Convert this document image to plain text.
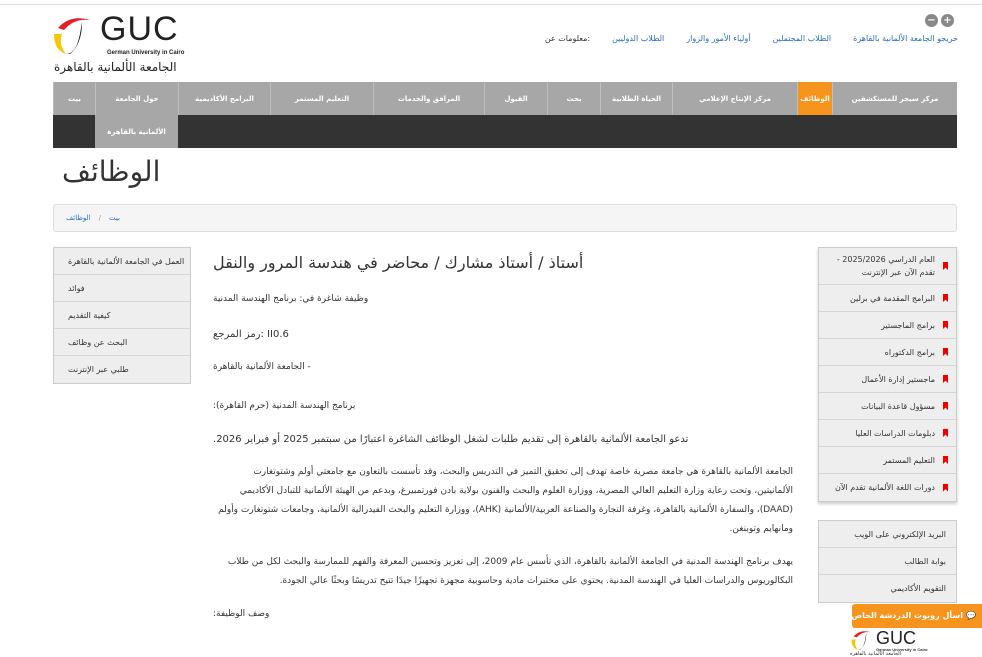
GUC
German University in Cairo
الجامعة الألمانية بالقاهرة
− +
خريجو الجامعة الألمانية بالقاهرة
الطلاب المحتملين
أولياء الأمور والزوار
الطلاب الدوليين
:معلومات عن
بيت	حول الجامعة	البرامج الأكاديمية	التعليم المستمر	المرافق والخدمات	القبول	بحث	الحياة الطلابية	مركز الإنتاج الإعلامي	الوظائف	مركز سيجر للمستكشفين
الألمانية بالقاهرة
الوظائف
الوظائف / بيت
العمل في الجامعة الألمانية بالقاهرة
فوائد
كيفية التقديم
البحث عن وظائف
طلبي عبر الإنترنت
أستاذ / أستاذ مشارك / محاضر في هندسة المرور والنقل

وظيفة شاغرة في: برنامج الهندسة المدنية

II0.6 :رمز المرجع

- الجامعة الألمانية بالقاهرة

برنامج الهندسة المدنية (حرم القاهرة):

تدعو الجامعة الألمانية بالقاهرة إلى تقديم طلبات لشغل الوظائف الشاغرة اعتبارًا من سبتمبر 2025 أو فبراير 2026.

الجامعة الألمانية بالقاهرة هي جامعة مصرية خاصة تهدف إلى تحقيق التميز في التدريس والبحث، وقد تأسست بالتعاون مع جامعتي أولم وشتوتغارت الألمانيتين، وتحت رعاية وزارة التعليم العالي المصرية، ووزارة العلوم والبحث والفنون بولاية بادن فورتمبيرغ، وبدعم من الهيئة الألمانية للتبادل الأكاديمي (DAAD)، والسفارة الألمانية بالقاهرة، وغرفة التجارة والصناعة العربية/الألمانية (AHK)، ووزارة التعليم والبحث الفيدرالية الألمانية، وجامعات شتوتغارت وأولم ومانهايم وتوبنغن.

يهدف برنامج الهندسة المدنية في الجامعة الألمانية بالقاهرة، الذي تأسس عام 2009، إلى تعزيز وتحسين المعرفة والفهم للممارسة والبحث لكل من طلاب البكالوريوس والدراسات العليا في الهندسة المدنية. يحتوي على مختبرات مادية وحاسوبية مجهزة تجهيزًا جيدًا تتيح تدريسًا وبحثًا عالي الجودة.

وصف الوظيفة:

العام الدراسي 2025/2026 - تقدم الآن عبر الإنترنت
البرامج المقدمة في برلين
برامج الماجستير
برامج الدكتوراه
ماجستير إدارة الأعمال
مسؤول قاعدة البيانات
دبلومات الدراسات العليا
التعليم المستمر
دورات اللغة الألمانية تقدم الآن
البريد الإلكتروني على الويب
بوابة الطالب
التقويم الأكاديمي
💬
اسأل روبوت الدردشة الخاص بنا
GUC
German University in Cairo
الجامعة الألمانية بالقاهرة
